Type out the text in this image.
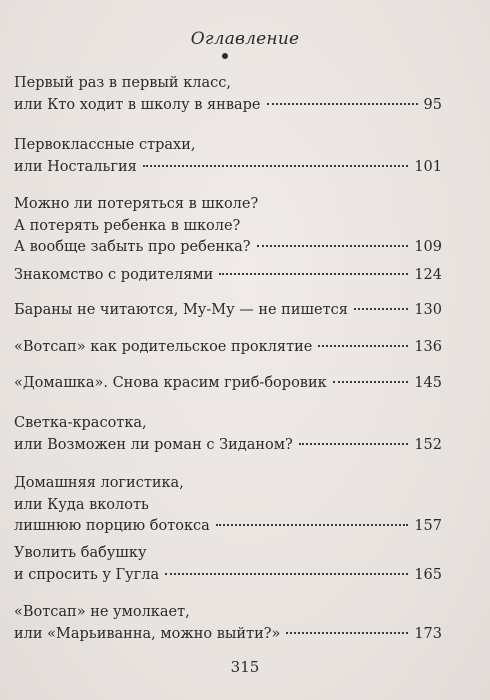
Оглавление
Первый раз в первый класс,
или Кто ходит в школу в январе	95
Первоклассные страхи,
или Ностальгия	101
Можно ли потеряться в школе?
А потерять ребенка в школе?
А вообще забыть про ребенка?	109
Знакомство с родителями	124
Бараны не читаются, Му-Му — не пишется	130
«Вотсап» как родительское проклятие	136
«Домашка». Снова красим гриб-боровик	145
Светка-красотка,
или Возможен ли роман с Зиданом?	152
Домашняя логистика,
или Куда вколоть
лишнюю порцию ботокса	157
Уволить бабушку
и спросить у Гугла	165
«Вотсап» не умолкает,
или «Марьиванна, можно выйти?»	173
315
